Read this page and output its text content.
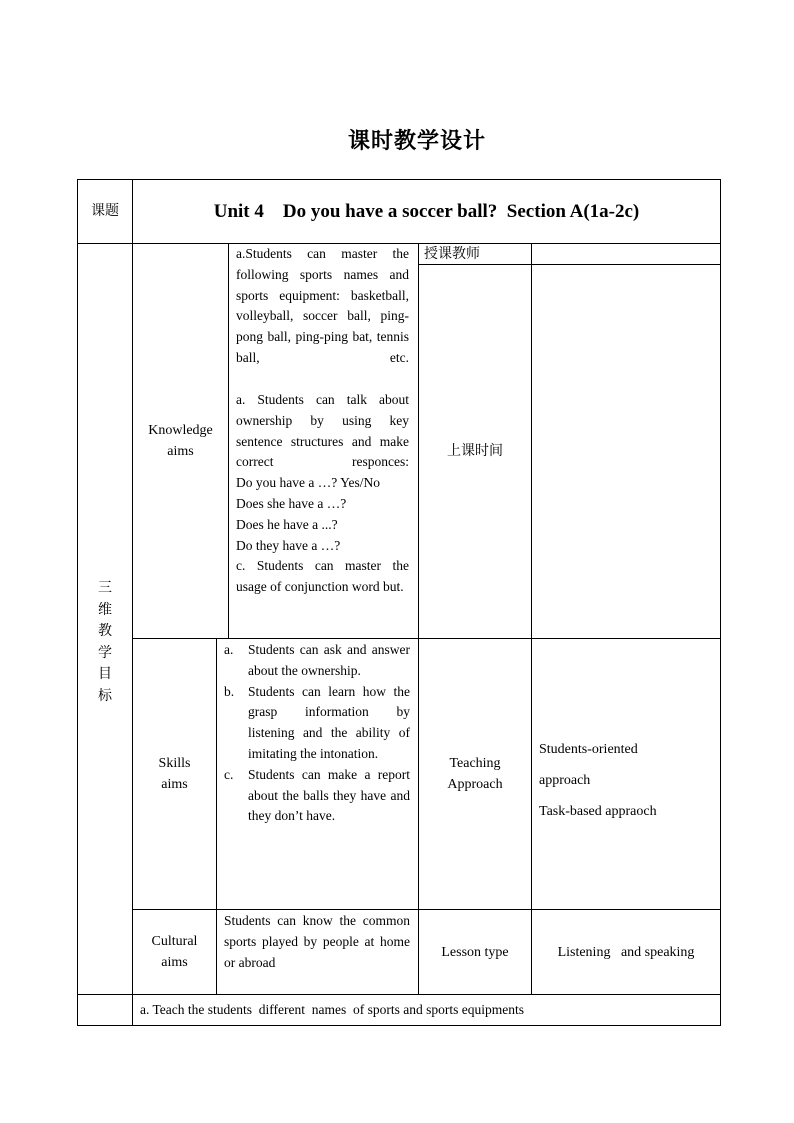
课时教学设计
课题	Unit 4    Do you have a soccer ball?  Section A(1a-2c)
三
维
教
学
目
标
Knowledge
aims
a.Students can master the following sports names and sports equipment: basketball, volleyball, soccer ball, ping-pong ball, ping-ping bat, tennis ball, etc.
a. Students can talk about ownership by using key sentence structures and make correct responces:
Do you have a …? Yes/No
Does she have a …?
Does he have a ...?
Do they have a …?
c. Students can master the usage of conjunction word but.
授课教师
上课时间
Skills
aims
a. Students can ask and answer about the ownership.
b. Students can learn how the grasp information by listening and the ability of imitating the intonation.
c. Students can make a report about the balls they have and they don’t have.
Teaching
Approach
Students-oriented
approach
Task-based appraoch
Cultural
aims
Students can know the common sports played by people at home or abroad
Lesson type	Listening   and speaking
a. Teach the students  different  names  of sports and sports equipments
